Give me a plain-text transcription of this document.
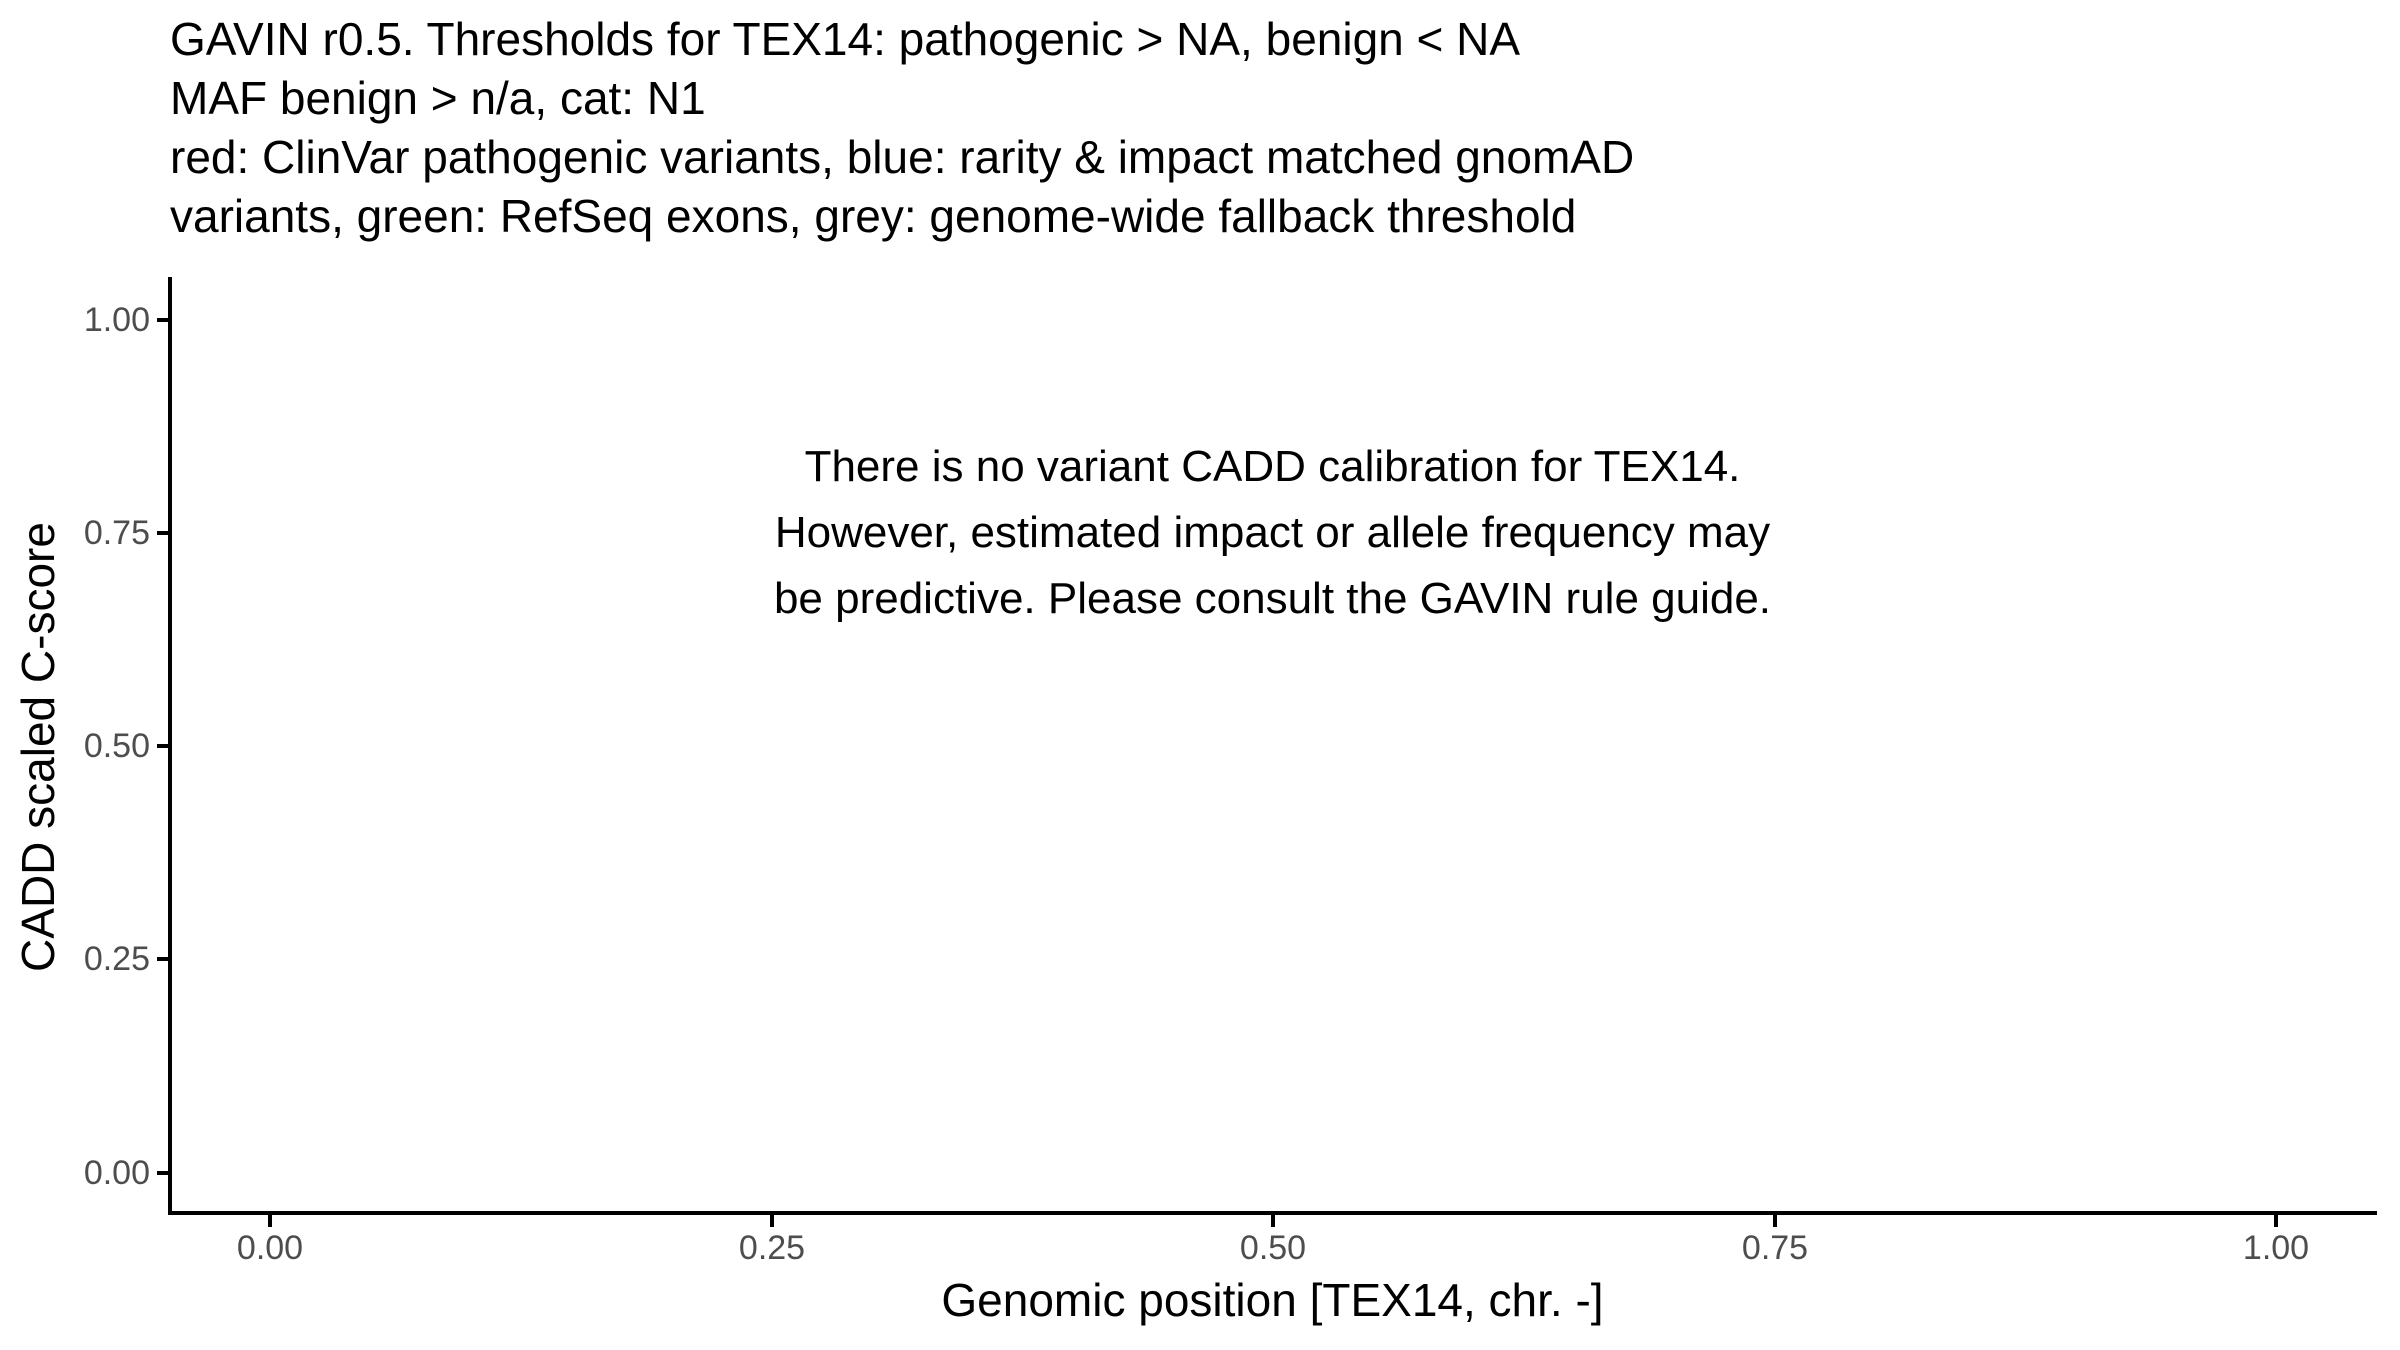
GAVIN r0.5. Thresholds for TEX14: pathogenic > NA, benign < NA
MAF benign > n/a, cat: N1
red: ClinVar pathogenic variants, blue: rarity & impact matched gnomAD
variants, green: RefSeq exons, grey: genome-wide fallback threshold
1.00
0.75
0.50
0.25
0.00
0.00	0.25	0.50	0.75	1.00
Genomic position [TEX14, chr. -]
CADD scaled C-score
There is no variant CADD calibration for TEX14.
However, estimated impact or allele frequency may
be predictive. Please consult the GAVIN rule guide.
